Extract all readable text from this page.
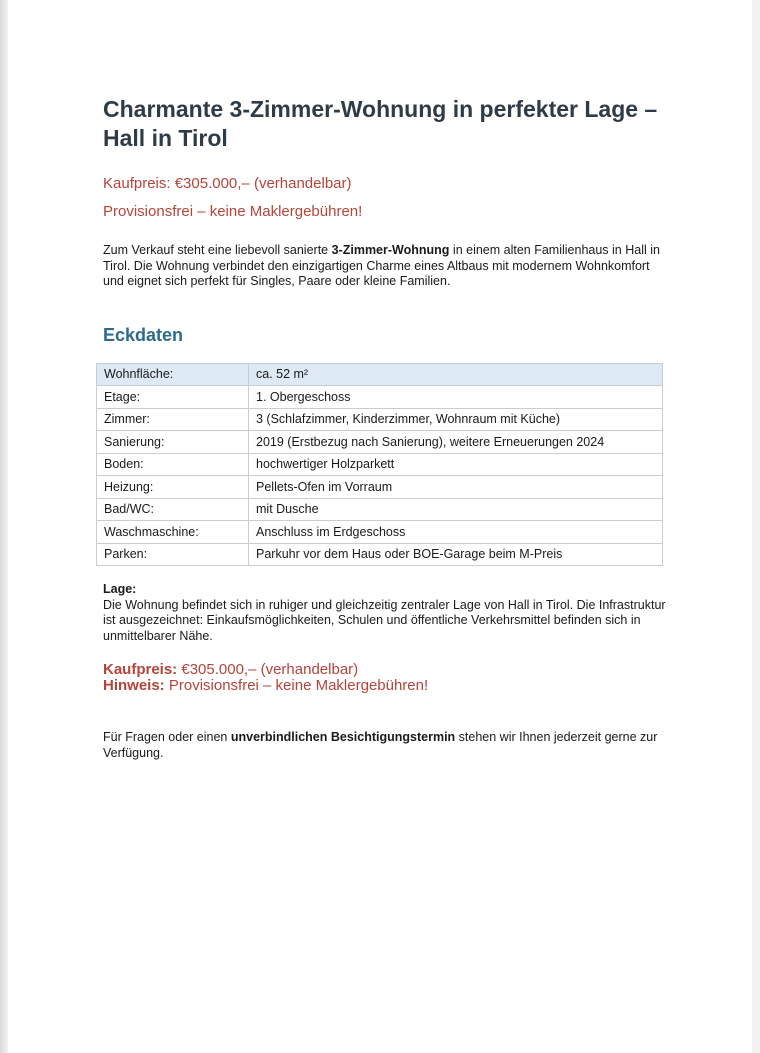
Charmante 3-Zimmer-Wohnung in perfekter Lage – Hall in Tirol
Kaufpreis: €305.000,– (verhandelbar)
Provisionsfrei – keine Maklergebühren!
Zum Verkauf steht eine liebevoll sanierte 3-Zimmer-Wohnung in einem alten Familienhaus in Hall in Tirol. Die Wohnung verbindet den einzigartigen Charme eines Altbaus mit modernem Wohnkomfort und eignet sich perfekt für Singles, Paare oder kleine Familien.
Eckdaten
Wohnfläche:	ca. 52 m²
Etage:	1. Obergeschoss
Zimmer:	3 (Schlafzimmer, Kinderzimmer, Wohnraum mit Küche)
Sanierung:	2019 (Erstbezug nach Sanierung), weitere Erneuerungen 2024
Boden:	hochwertiger Holzparkett
Heizung:	Pellets-Ofen im Vorraum
Bad/WC:	mit Dusche
Waschmaschine:	Anschluss im Erdgeschoss
Parken:	Parkuhr vor dem Haus oder BOE-Garage beim M-Preis
Lage:
Die Wohnung befindet sich in ruhiger und gleichzeitig zentraler Lage von Hall in Tirol. Die Infrastruktur ist ausgezeichnet: Einkaufsmöglichkeiten, Schulen und öffentliche Verkehrsmittel befinden sich in unmittelbarer Nähe.
Kaufpreis: €305.000,– (verhandelbar)
Hinweis: Provisionsfrei – keine Maklergebühren!
Für Fragen oder einen unverbindlichen Besichtigungstermin stehen wir Ihnen jederzeit gerne zur Verfügung.
